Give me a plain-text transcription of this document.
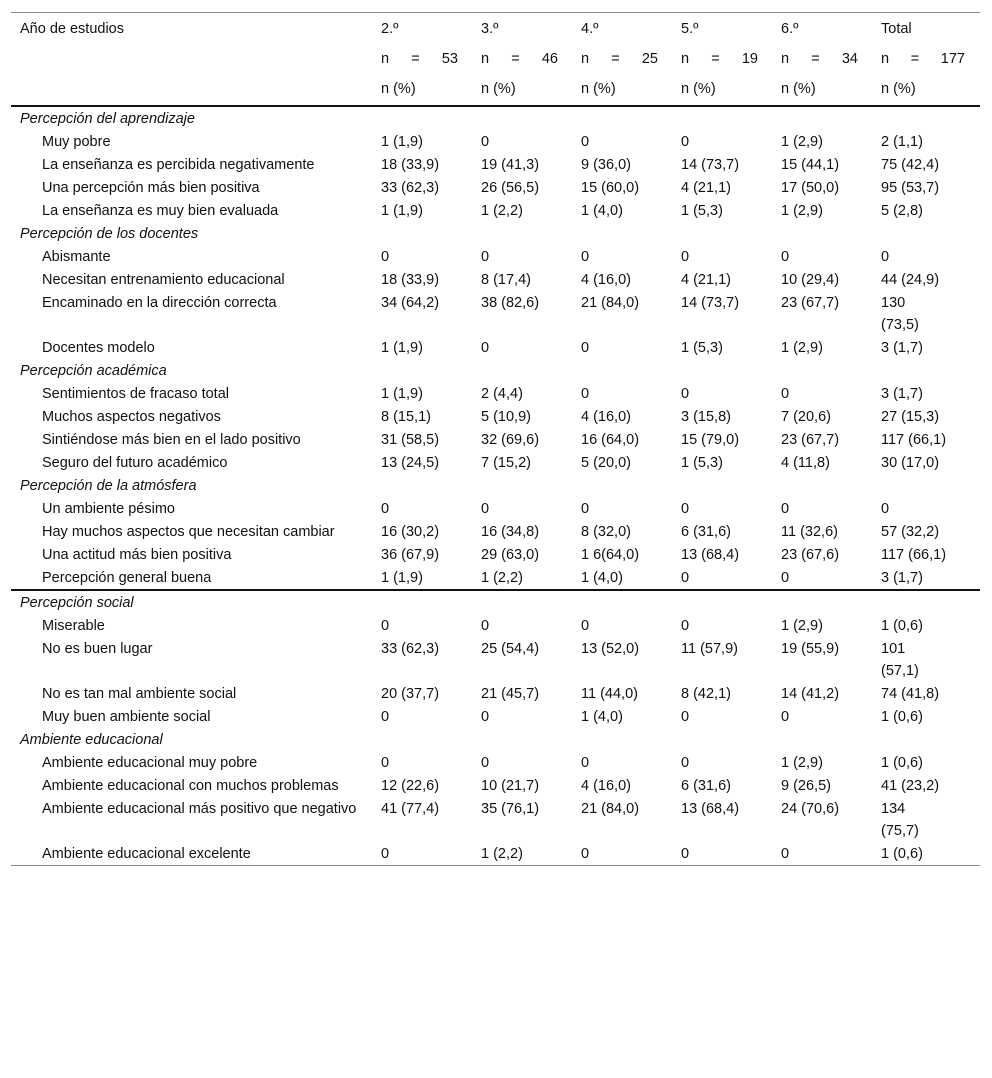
Año de estudios	2.º	3.º	4.º	5.º	6.º	Total

	n = 53	n = 46	n = 25	n = 19	n = 34	n = 177

	n (%)	n (%)	n (%)	n (%)	n (%)	n (%)
Percepción del aprendizaje						

Muy pobre	1 (1,9)	0	0	0	1 (2,9)	2 (1,1)

La enseñanza es percibida negativamente	18 (33,9)	19 (41,3)	9 (36,0)	14 (73,7)	15 (44,1)	75 (42,4)

Una percepción más bien positiva	33 (62,3)	26 (56,5)	15 (60,0)	4 (21,1)	17 (50,0)	95 (53,7)

La enseñanza es muy bien evaluada	1 (1,9)	1 (2,2)	1 (4,0)	1 (5,3)	1 (2,9)	5 (2,8)

Percepción de los docentes						

Abismante	0	0	0	0	0	0

Necesitan entrenamiento educacional	18 (33,9)	8 (17,4)	4 (16,0)	4 (21,1)	10 (29,4)	44 (24,9)

Encaminado en la dirección correcta	34 (64,2)	38 (82,6)	21 (84,0)	14 (73,7)	23 (67,7)	130 (73,5)

Docentes modelo	1 (1,9)	0	0	1 (5,3)	1 (2,9)	3 (1,7)

Percepción académica						

Sentimientos de fracaso total	1 (1,9)	2 (4,4)	0	0	0	3 (1,7)

Muchos aspectos negativos	8 (15,1)	5 (10,9)	4 (16,0)	3 (15,8)	7 (20,6)	27 (15,3)

Sintiéndose más bien en el lado positivo	31 (58,5)	32 (69,6)	16 (64,0)	15 (79,0)	23 (67,7)	117 (66,1)

Seguro del futuro académico	13 (24,5)	7 (15,2)	5 (20,0)	1 (5,3)	4 (11,8)	30 (17,0)

Percepción de la atmósfera						

Un ambiente pésimo	0	0	0	0	0	0

Hay muchos aspectos que necesitan cambiar	16 (30,2)	16 (34,8)	8 (32,0)	6 (31,6)	11 (32,6)	57 (32,2)

Una actitud más bien positiva	36 (67,9)	29 (63,0)	1 6(64,0)	13 (68,4)	23 (67,6)	117 (66,1)

Percepción general buena	1 (1,9)	1 (2,2)	1 (4,0)	0	0	3 (1,7)

Percepción social						

Miserable	0	0	0	0	1 (2,9)	1 (0,6)

No es buen lugar	33 (62,3)	25 (54,4)	13 (52,0)	11 (57,9)	19 (55,9)	101 (57,1)

No es tan mal ambiente social	20 (37,7)	21 (45,7)	11 (44,0)	8 (42,1)	14 (41,2)	74 (41,8)

Muy buen ambiente social	0	0	1 (4,0)	0	0	1 (0,6)

Ambiente educacional						

Ambiente educacional muy pobre	0	0	0	0	1 (2,9)	1 (0,6)

Ambiente educacional con muchos problemas	12 (22,6)	10 (21,7)	4 (16,0)	6 (31,6)	9 (26,5)	41 (23,2)

Ambiente educacional más positivo que negativo	41 (77,4)	35 (76,1)	21 (84,0)	13 (68,4)	24 (70,6)	134 (75,7)

Ambiente educacional excelente	0	1 (2,2)	0	0	0	1 (0,6)
